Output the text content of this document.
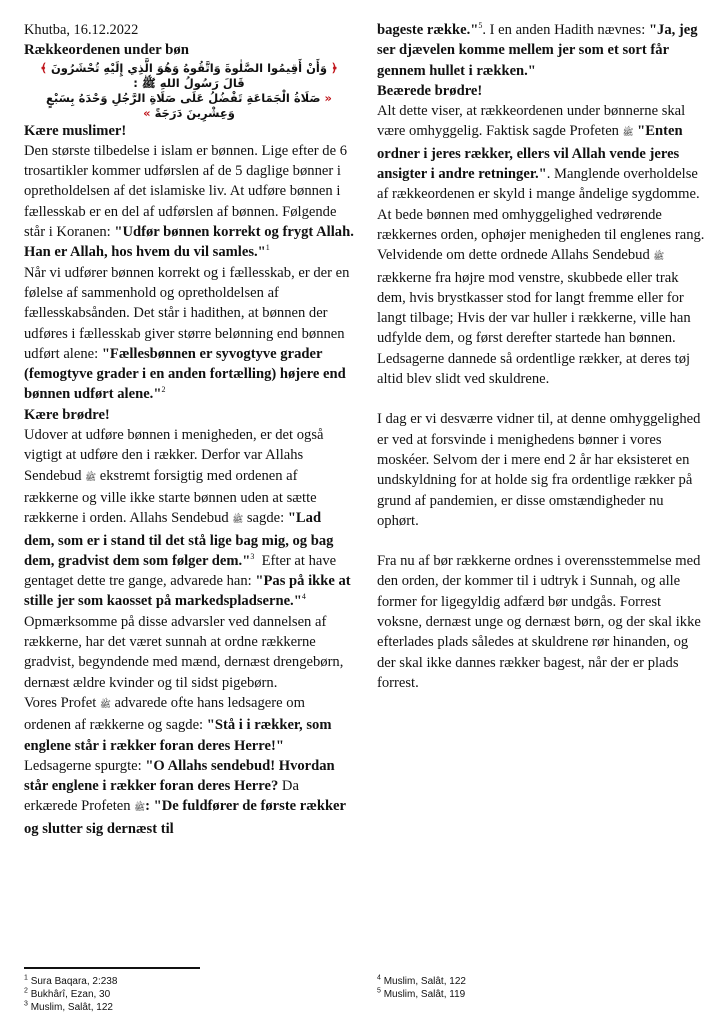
Khutba, 16.12.2022

Rækkeordenen under bøn

﴿ وَأَنْ أَقِيمُوا الصَّلٰوةَ وَاتَّقُوهُ وَهُوَ الَّذِي إِلَيْهِ تُحْشَرُونَ ﴾

قَالَ رَسُولُ اللهِ ﷺ :

« صَلَاةُ الْجَمَاعَةِ تَفْضُلُ عَلَى صَلَاةِ الرَّجُلِ وَحْدَهُ بِسَبْعٍ وَعِشْرِينَ دَرَجَةً »

Kære muslimer!

Den største tilbedelse i islam er bønnen. Lige efter de 6 trosartikler kommer udførslen af de 5 daglige bønner i opretholdelsen af det islamiske liv. At udføre bønnen i fællesskab er en del af udførslen af bønnen. Følgende står i Koranen: "Udfør bønnen korrekt og frygt Allah. Han er Allah, hos hvem du vil samles."$^1$

Når vi udfører bønnen korrekt og i fællesskab, er der en følelse af sammenhold og opretholdelsen af fællesskabsånden. Det står i hadithen, at bønnen der udføres i fællesskab giver større belønning end bønnen udført alene: "Fællesbønnen er syvogtyve grader (femogtyve grader i en anden fortælling) højere end bønnen udført alene."$^2$

Kære brødre!

Udover at udføre bønnen i menigheden, er det også vigtigt at udføre den i rækker. Derfor var Allahs Sendebud ﷺ ekstremt forsigtig med ordenen af rækkerne og ville ikke starte bønnen uden at sætte rækkerne i orden. Allahs Sendebud ﷺ sagde: "Lad dem, som er i stand til det stå lige bag mig, og bag dem, gradvist dem som følger dem."$^3$ Efter at have gentaget dette tre gange, advarede han: "Pas på ikke at stille jer som kaosset på markedspladserne."$^4$

Opmærksomme på disse advarsler ved dannelsen af rækkerne, har det været sunnah at ordne rækkerne gradvist, begyndende med mænd, dernæst drengebørn, dernæst ældre kvinder og til sidst pigebørn.

Vores Profet ﷺ advarede ofte hans ledsagere om ordenen af rækkerne og sagde: "Stå i i rækker, som englene står i rækker foran deres Herre!"

Ledsagerne spurgte: "O Allahs sendebud! Hvordan står englene i rækker foran deres Herre? Da erkærede Profeten ﷺ: "De fuldfører de første rækker og slutter sig dernæst til

bageste række."$^5$. I en anden Hadith nævnes: "Ja, jeg ser djævelen komme mellem jer som et sort får gennem hullet i rækken."

Beærede brødre!

Alt dette viser, at rækkeordenen under bønnerne skal være omhyggelig. Faktisk sagde Profeten ﷺ "Enten ordner i jeres rækker, ellers vil Allah vende jeres ansigter i andre retninger.". Manglende overholdelse af rækkeordenen er skyld i mange åndelige sygdomme. At bede bønnen med omhyggelighed vedrørende rækkernes orden, ophøjer menigheden til englenes rang. Velvidende om dette ordnede Allahs Sendebud ﷺ rækkerne fra højre mod venstre, skubbede eller trak dem, hvis brystkasser stod for langt fremme eller for langt tilbage; Hvis der var huller i rækkerne, ville han udfylde dem, og først derefter startede han bønnen. Ledsagerne dannede så ordentlige rækker, at deres tøj altid blev slidt ved skuldrene.

I dag er vi desværre vidner til, at denne omhyggelighed er ved at forsvinde i menighedens bønner i vores moskéer. Selvom der i mere end 2 år har eksisteret en undskyldning for at holde sig fra ordentlige rækker på grund af pandemien, er disse omstændigheder nu ophørt.

Fra nu af bør rækkerne ordnes i overensstemmelse med den orden, der kommer til i udtryk i Sunnah, og alle former for ligegyldig adfærd bør undgås. Forrest voksne, dernæst unge og dernæst børn, og der skal ikke efterlades plads således at skuldrene rør hinanden, og der skal ikke dannes rækker bagest, når der er plads forrest.

$^1$ Sura Baqara, 2:238
$^2$ Bukhârî, Ezan, 30
$^3$ Muslim, Salât, 122
$^4$ Muslim, Salât, 122
$^5$ Muslim, Salât, 119
